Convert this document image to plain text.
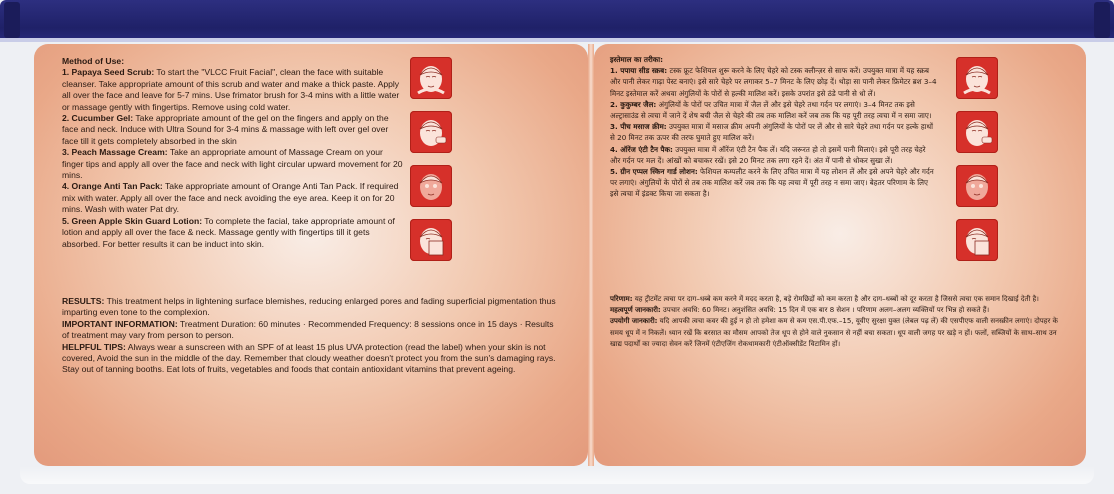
Method of Use:

1. Papaya Seed Scrub: To start the "VLCC Fruit Facial", clean the face with suitable cleanser. Take appropriate amount of this scrub and water and make a thick paste. Apply all over the face and leave for 5-7 mins. Use frimator brush for 3-4 mins with a little water or massage gently with fingertips. Remove using cold water.

2. Cucumber Gel: Take appropriate amount of the gel on the fingers and apply on the face and neck. Induce with Ultra Sound for 3-4 mins & massage with left over gel over face till it gets completely absorbed in the skin

3. Peach Massage Cream: Take an appropriate amount of Massage Cream on your finger tips and apply all over the face and neck with light circular upward movement for 20 mins.

4. Orange Anti Tan Pack: Take appropriate amount of Orange Anti Tan Pack. If required mix with water. Apply all over the face and neck avoiding the eye area. Keep it on for 20 mins. Wash with water Pat dry.

5. Green Apple Skin Guard Lotion: To complete the facial, take appropriate amount of lotion and apply all over the face & neck. Massage gently with fingertips till it gets absorbed. For better results it can be induct into skin.

RESULTS: This treatment helps in lightening surface blemishes, reducing enlarged pores and fading superficial pigmentation thus imparting even tone to the complexion.

IMPORTANT INFORMATION: Treatment Duration: 60 minutes · Recommended Frequency: 8 sessions once in 15 days · Results of treatment may vary from person to person.

HELPFUL TIPS: Always wear a sunscreen with an SPF of at least 15 plus UVA protection (read the label) when your skin is not covered, Avoid the sun in the middle of the day. Remember that cloudy weather doesn't protect you from the sun's damaging rays. Stay out of tanning booths. Eat lots of fruits, vegetables and foods that contain antioxidant vitamins that prevent ageing.

इस्तेमाल का तरीका:

1. पपाया सीड स्क्रब: टस्क फ्रूट फेशियल शुरू करने के लिए चेहरे को टस्क क्लीन्ज़र से साफ करें। उपयुक्त मात्रा में यह स्क्रब और पानी लेकर गाढ़ा पेस्ट बनाएं। इसे सारे चेहरे पर लगाकर 5–7 मिनट के लिए छोड़ दें। थोड़ा सा पानी लेकर फ्रिमेटर ब्रश 3–4 मिनट इस्तेमाल करें अथवा अंगुलियों के पोरों से हल्की मालिश करें। इसके उपरांत इसे ठंडे पानी से धो लें।

2. कुकुम्बर जैल: अंगुलियों के पोरों पर उचित मात्रा में जैल लें और इसे चेहरे तथा गर्दन पर लगाएं। 3–4 मिनट तक इसे अल्ट्रासाउंड से त्वचा में जाने दें शेष बची जैल से चेहरे की तब तक मालिश करें जब तक कि यह पूरी तरह त्वचा में न समा जाए।

3. पीच मसाज क्रीम: उपयुक्त मात्रा में मसाज क्रीम अपनी अंगुलियों के पोरों पर लें और से सारे चेहरे तथा गर्दन पर हल्के हाथों से 20 मिनट तक ऊपर की तरफ घुमाते हुए मालिश करें।

4. ऑरेंज एंटी टैन पैक: उपयुक्त मात्रा में ऑरेंज एंटी टैन पैक लें। यदि जरूरत हो तो इसमें पानी मिलाएं। इसे पूरी तरह चेहरे और गर्दन पर मल दें। आंखों को बचाकर रखें। इसे 20 मिनट तक लगा रहने दें। अंत में पानी से धोकर सुखा लें।

5. ग्रीन एप्पल स्किन गार्ड लोशन: फेशियल कम्पलीट करने के लिए उचित मात्रा में यह लोशन लें और इसे अपने चेहरे और गर्दन पर लगाएं। अंगुलियों के पोरों से तब तक मालिश करें जब तक कि यह त्वचा में पूरी तरह न समा जाए। बेहतर परिणाम के लिए इसे त्वचा में इंडक्ट किया जा सकता है।

परिणाम: यह ट्रीटमेंट त्वचा पर दाग–धब्बे कम करने में मदद करता है, बड़े रोमछिद्रों को कम करता है और दाग–धब्बों को दूर करता है जिससे त्वचा एक समान दिखाई देती है।

महत्वपूर्ण जानकारी: उपचार अवधि: 60 मिनट। अनुशंसित अवधि: 15 दिन में एक बार 8 सेशन । परिणाम अलग–अलग व्यक्तियों पर भिन्न हो सकते हैं।

उपयोगी जानकारी: यदि आपकी त्वचा कवर की हुई न हो तो हमेशा कम से कम एस.पी.एफ.–15, यूवीए सुरक्षा युक्त (लेबल पढ़ लें) की एसपीएफ वाली सनस्क्रीन लगाएं। दोपहर के समय धूप में न निकलें। ध्यान रखें कि बरसात का मौसम आपको तेज धूप से होने वाले नुकसान से नहीं बचा सकता। धूप वाली जगह पर खड़े न हों। फलों, सब्जियों के साथ–साथ उन खाद्य पदार्थों का ज्यादा सेवन करें जिनमें एंटीएजिंग रोकथामकारी एंटीऑक्सीडेंट विटामिन हों।
